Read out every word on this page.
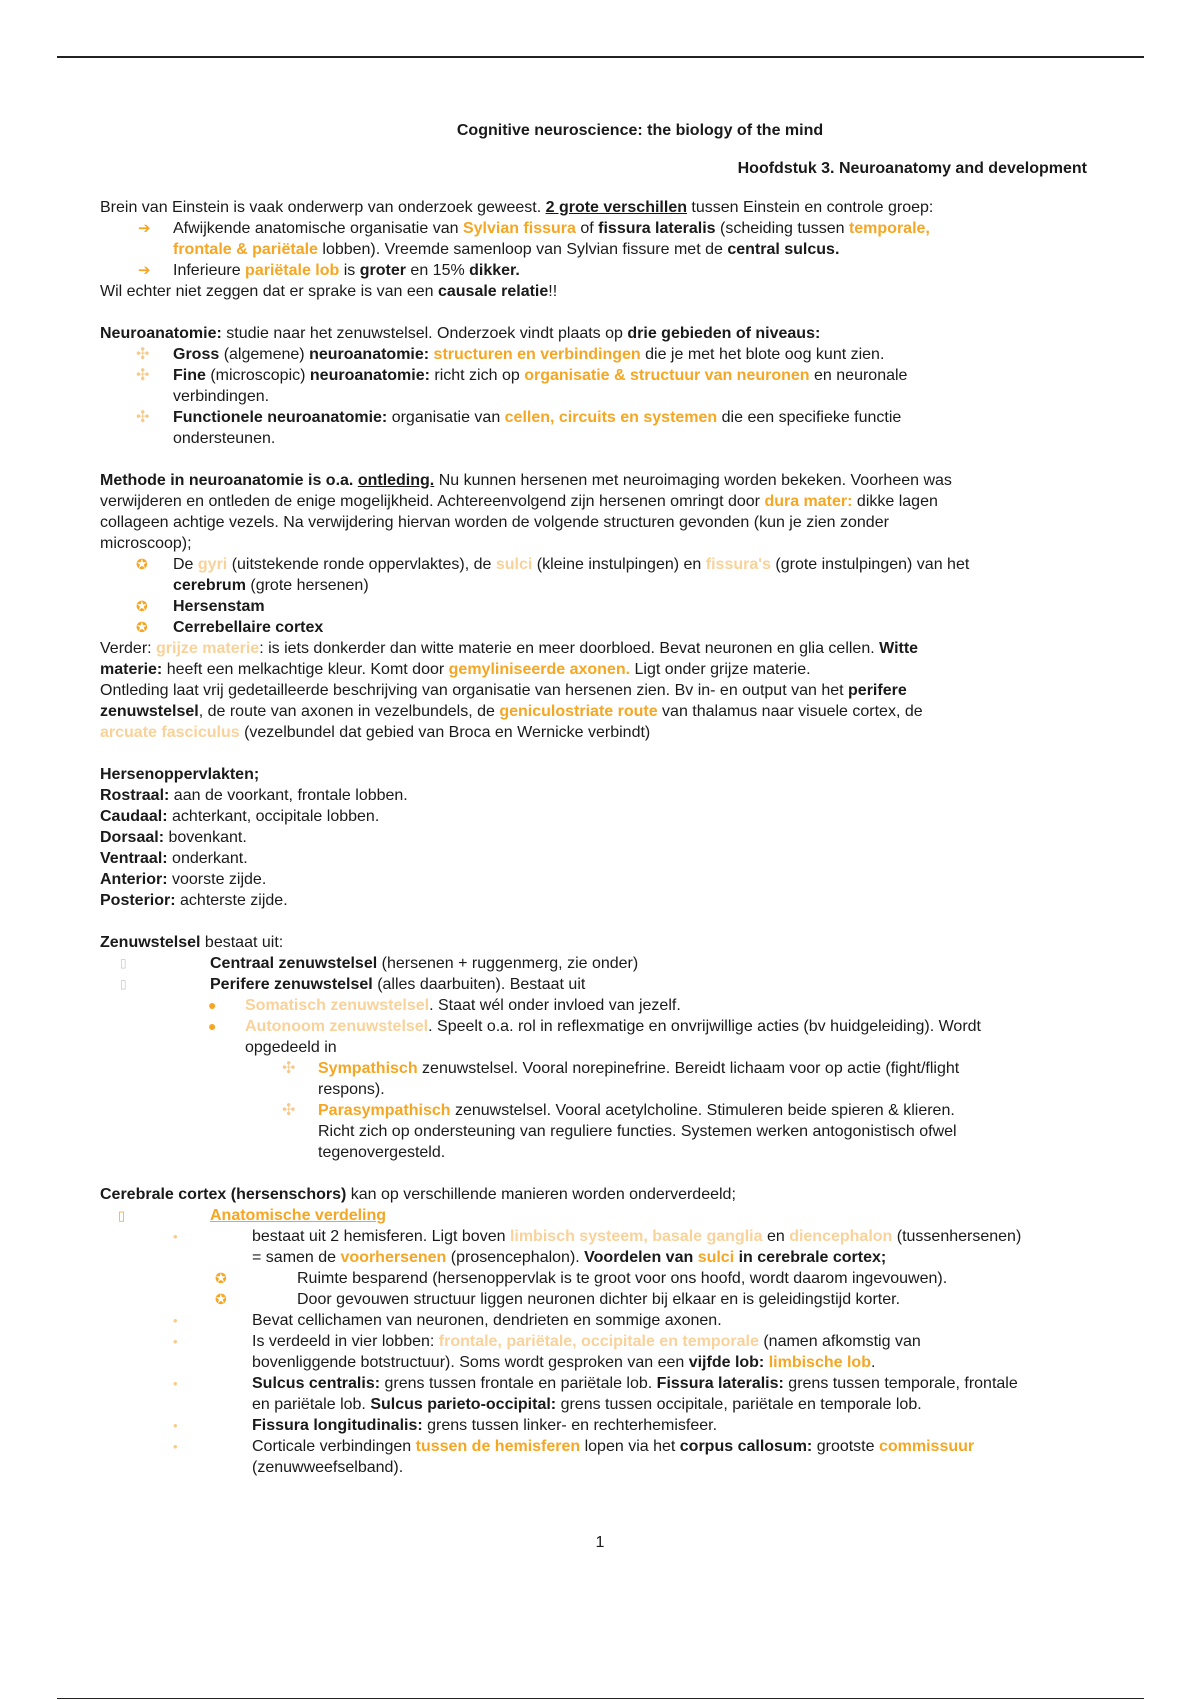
Cognitive neuroscience: the biology of the mind

Hoofdstuk 3. Neuroanatomy and development

Brein van Einstein is vaak onderwerp van onderzoek geweest. 2 grote verschillen tussen Einstein en controle groep:

➔ Afwijkende anatomische organisatie van Sylvian fissura of fissura lateralis (scheiding tussen temporale,
frontale & pariëtale lobben). Vreemde samenloop van Sylvian fissure met de central sulcus.
➔ Inferieure pariëtale lob is groter en 15% dikker.

Wil echter niet zeggen dat er sprake is van een causale relatie!!

Neuroanatomie: studie naar het zenuwstelsel. Onderzoek vindt plaats op drie gebieden of niveaus:

✣ Gross (algemene) neuroanatomie: structuren en verbindingen die je met het blote oog kunt zien.
✣ Fine (microscopic) neuroanatomie: richt zich op organisatie & structuur van neuronen en neuronale
verbindingen.
✣ Functionele neuroanatomie: organisatie van cellen, circuits en systemen die een specifieke functie
ondersteunen.

Methode in neuroanatomie is o.a. ontleding. Nu kunnen hersenen met neuroimaging worden bekeken. Voorheen was
verwijderen en ontleden de enige mogelijkheid. Achtereenvolgend zijn hersenen omringt door dura mater: dikke lagen
collageen achtige vezels. Na verwijdering hiervan worden de volgende structuren gevonden (kun je zien zonder
microscoop);

✪ De gyri (uitstekende ronde oppervlaktes), de sulci (kleine instulpingen) en fissura's (grote instulpingen) van het
cerebrum (grote hersenen)
✪ Hersenstam
✪ Cerrebellaire cortex

Verder: grijze materie: is iets donkerder dan witte materie en meer doorbloed. Bevat neuronen en glia cellen. Witte
materie: heeft een melkachtige kleur. Komt door gemyliniseerde axonen. Ligt onder grijze materie.

Ontleding laat vrij gedetailleerde beschrijving van organisatie van hersenen zien. Bv in- en output van het perifere
zenuwstelsel, de route van axonen in vezelbundels, de geniculostriate route van thalamus naar visuele cortex, de
arcuate fasciculus (vezelbundel dat gebied van Broca en Wernicke verbindt)

Hersenoppervlakten;

Rostraal: aan de voorkant, frontale lobben.

Caudaal: achterkant, occipitale lobben.

Dorsaal: bovenkant.

Ventraal: onderkant.

Anterior: voorste zijde.

Posterior: achterste zijde.

Zenuwstelsel bestaat uit:

▯	Centraal zenuwstelsel (hersenen + ruggenmerg, zie onder)
▯	Perifere zenuwstelsel (alles daarbuiten). Bestaat uit
● Somatisch zenuwstelsel. Staat wél onder invloed van jezelf.
● Autonoom zenuwstelsel. Speelt o.a. rol in reflexmatige en onvrijwillige acties (bv huidgeleiding). Wordt
opgedeeld in
✣ Sympathisch zenuwstelsel. Vooral norepinefrine. Bereidt lichaam voor op actie (fight/flight
respons).
✣ Parasympathisch zenuwstelsel. Vooral acetylcholine. Stimuleren beide spieren & klieren.
Richt zich op ondersteuning van reguliere functies. Systemen werken antogonistisch ofwel
tegenovergesteld.

Cerebrale cortex (hersenschors) kan op verschillende manieren worden onderverdeeld;

▯	Anatomische verdeling
•	bestaat uit 2 hemisferen. Ligt boven limbisch systeem, basale ganglia en diencephalon (tussenhersenen)
= samen de voorhersenen (prosencephalon). Voordelen van sulci in cerebrale cortex;
✪	Ruimte besparend (hersenoppervlak is te groot voor ons hoofd, wordt daarom ingevouwen).
✪	Door gevouwen structuur liggen neuronen dichter bij elkaar en is geleidingstijd korter.
•	Bevat cellichamen van neuronen, dendrieten en sommige axonen.
•	Is verdeeld in vier lobben: frontale, pariëtale, occipitale en temporale (namen afkomstig van
bovenliggende botstructuur). Soms wordt gesproken van een vijfde lob: limbische lob.
•	Sulcus centralis: grens tussen frontale en pariëtale lob. Fissura lateralis: grens tussen temporale, frontale
en pariëtale lob. Sulcus parieto-occipital: grens tussen occipitale, pariëtale en temporale lob.
•	Fissura longitudinalis: grens tussen linker- en rechterhemisfeer.
•	Corticale verbindingen tussen de hemisferen lopen via het corpus callosum: grootste commissuur
(zenuwweefselband).
1
